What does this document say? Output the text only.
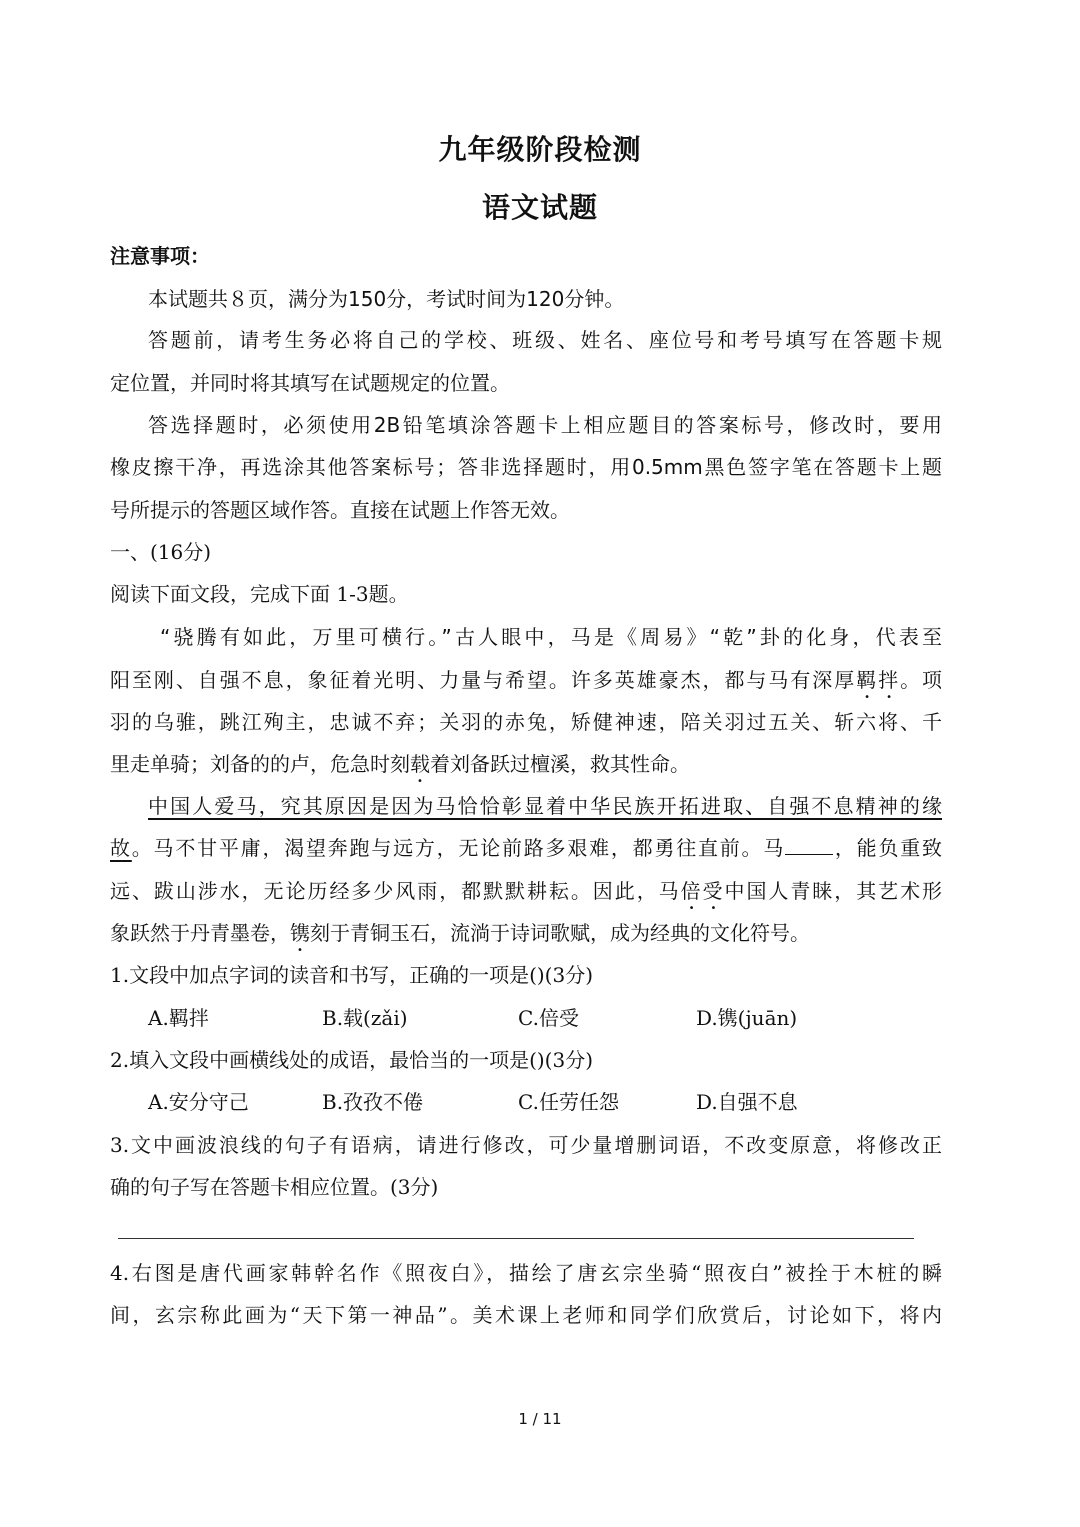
九年级阶段检测
语文试题
注意事项：
本试题共８页，满分为150分，考试时间为120分钟。
答题前，请考生务必将自己的学校、班级、姓名、座位号和考号填写在答题卡规
定位置，并同时将其填写在试题规定的位置。
答选择题时，必须使用2B铅笔填涂答题卡上相应题目的答案标号，修改时，要用
橡皮擦干净，再选涂其他答案标号；答非选择题时，用0.5mm黑色签字笔在答题卡上题
号所提示的答题区域作答。直接在试题上作答无效。
一、(16分)
阅读下面文段，完成下面 1-3题。
“骁腾有如此，万里可横行。”古人眼中，马是《周易》“乾”卦的化身，代表至
阳至刚、自强不息，象征着光明、力量与希望。许多英雄豪杰，都与马有深厚羁拌。项
羽的乌骓，跳江殉主，忠诚不弃；关羽的赤兔，矫健神速，陪关羽过五关、斩六将、千
里走单骑；刘备的的卢，危急时刻载着刘备跃过檀溪，救其性命。
中国人爱马，究其原因是因为马恰恰彰显着中华民族开拓进取、自强不息精神的缘
故。马不甘平庸，渴望奔跑与远方，无论前路多艰难，都勇往直前。马 ，能负重致
远、跋山涉水，无论历经多少风雨，都默默耕耘。因此，马倍受中国人青睐，其艺术形
象跃然于丹青墨卷，镌刻于青铜玉石，流淌于诗词歌赋，成为经典的文化符号。
1.文段中加点字词的读音和书写，正确的一项是()(3分)
A.羁拌	B.载(zǎi)	C.倍受	D.镌(juān)
2.填入文段中画横线处的成语，最恰当的一项是()(3分)
A.安分守己	B.孜孜不倦	C.任劳任怨	D.自强不息
3.文中画波浪线的句子有语病，请进行修改，可少量增删词语，不改变原意，将修改正
确的句子写在答题卡相应位置。(3分)
4.右图是唐代画家韩幹名作《照夜白》，描绘了唐玄宗坐骑“照夜白”被拴于木桩的瞬
间，玄宗称此画为“天下第一神品”。美术课上老师和同学们欣赏后，讨论如下，将内
1 / 11
